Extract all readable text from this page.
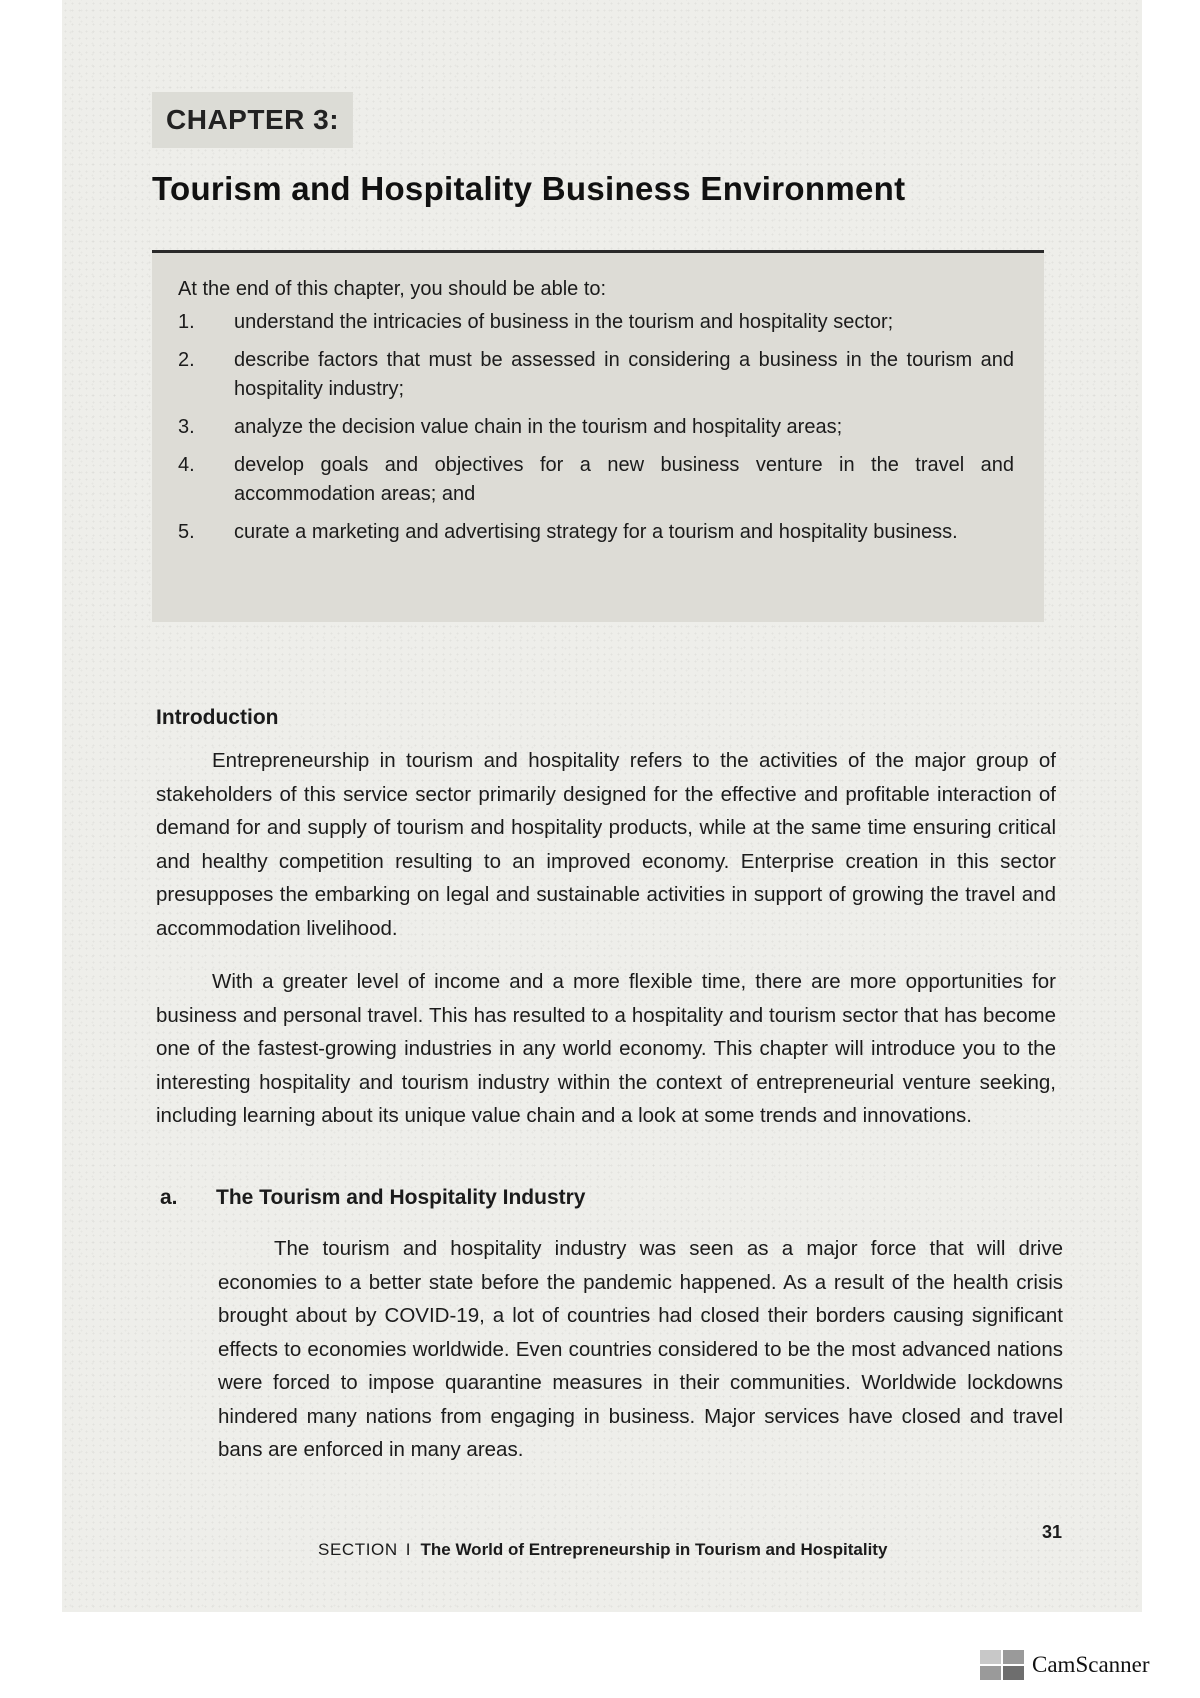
CHAPTER 3:
Tourism and Hospitality Business Environment

At the end of this chapter, you should be able to:

1.	understand the intricacies of business in the tourism and hospitality sector;
2.	describe factors that must be assessed in considering a business in the tourism and hospitality industry;
3.	analyze the decision value chain in the tourism and hospitality areas;
4.	develop goals and objectives for a new business venture in the travel and accommodation areas; and
5.	curate a marketing and advertising strategy for a tourism and hospitality business.
Introduction

Entrepreneurship in tourism and hospitality refers to the activities of the major group of stakeholders of this service sector primarily designed for the effective and profitable interaction of demand for and supply of tourism and hospitality products, while at the same time ensuring critical and healthy competition resulting to an improved economy. Enterprise creation in this sector presupposes the embarking on legal and sustainable activities in support of growing the travel and accommodation livelihood.

With a greater level of income and a more flexible time, there are more opportunities for business and personal travel. This has resulted to a hospitality and tourism sector that has become one of the fastest-growing industries in any world economy. This chapter will introduce you to the interesting hospitality and tourism industry within the context of entrepreneurial venture seeking, including learning about its unique value chain and a look at some trends and innovations.

a.	The Tourism and Hospitality Industry

The tourism and hospitality industry was seen as a major force that will drive economies to a better state before the pandemic happened. As a result of the health crisis brought about by COVID-19, a lot of countries had closed their borders causing significant effects to economies worldwide. Even countries considered to be the most advanced nations were forced to impose quarantine measures in their communities. Worldwide lockdowns hindered many nations from engaging in business. Major services have closed and travel bans are enforced in many areas.

SECTION I The World of Entrepreneurship in Tourism and Hospitality
31
CamScanner
